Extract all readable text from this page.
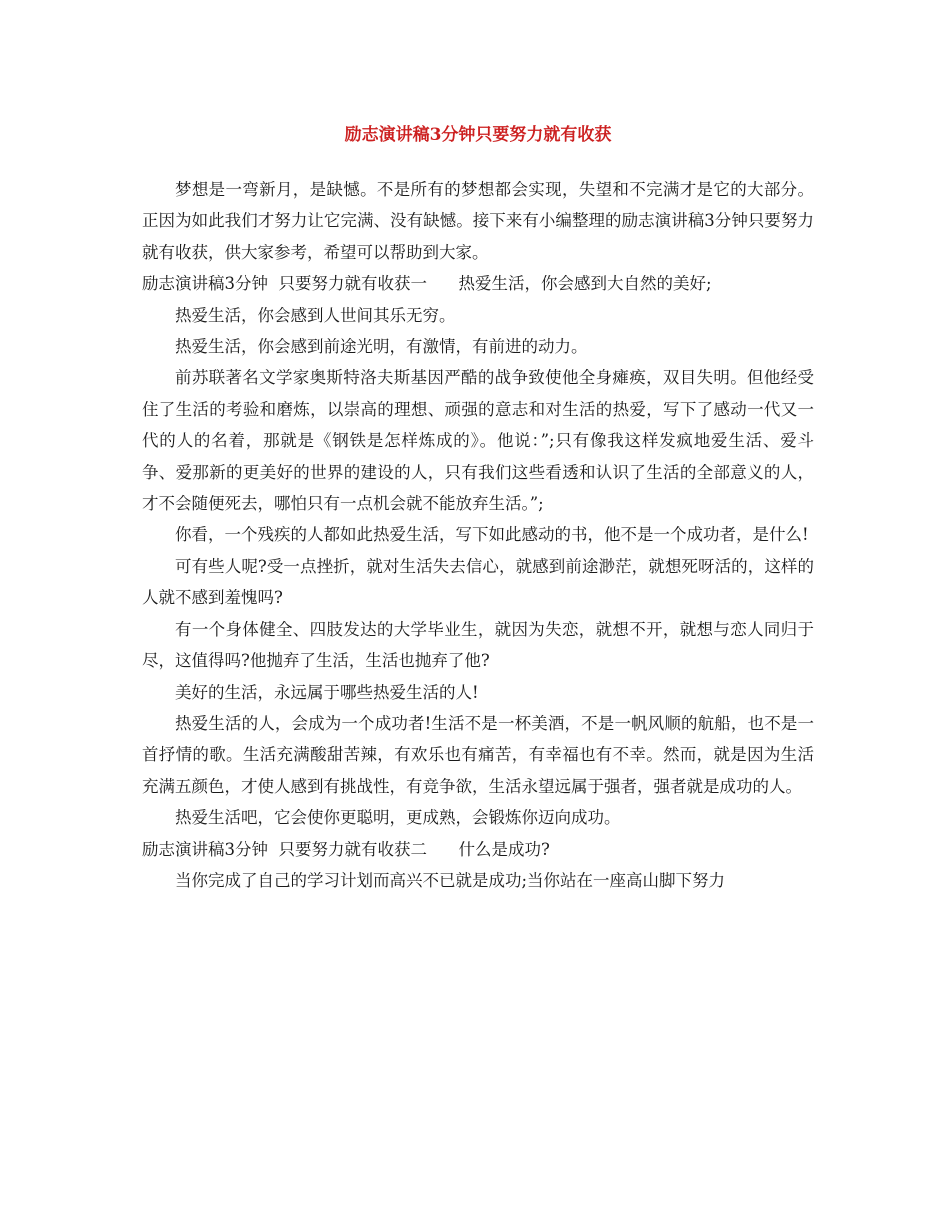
励志演讲稿3分钟只要努力就有收获

梦想是一弯新月，是缺憾。不是所有的梦想都会实现，失望和不完满才是它的大部分。正因为如此我们才努力让它完满、没有缺憾。接下来有小编整理的励志演讲稿3分钟只要努力就有收获，供大家参考，希望可以帮助到大家。

励志演讲稿3分钟  只要努力就有收获一      热爱生活，你会感到大自然的美好;

热爱生活，你会感到人世间其乐无穷。

热爱生活，你会感到前途光明，有激情，有前进的动力。

前苏联著名文学家奥斯特洛夫斯基因严酷的战争致使他全身瘫痪，双目失明。但他经受住了生活的考验和磨炼，以崇高的理想、顽强的意志和对生活的热爱，写下了感动一代又一代的人的名着，那就是《钢铁是怎样炼成的》。他说：”;只有像我这样发疯地爱生活、爱斗争、爱那新的更美好的世界的建设的人，只有我们这些看透和认识了生活的全部意义的人，才不会随便死去，哪怕只有一点机会就不能放弃生活。”;

你看，一个残疾的人都如此热爱生活，写下如此感动的书，他不是一个成功者，是什么!

可有些人呢?受一点挫折，就对生活失去信心，就感到前途渺茫，就想死呀活的，这样的人就不感到羞愧吗?

有一个身体健全、四肢发达的大学毕业生，就因为失恋，就想不开，就想与恋人同归于尽，这值得吗?他抛弃了生活，生活也抛弃了他?

美好的生活，永远属于哪些热爱生活的人!

热爱生活的人，会成为一个成功者!生活不是一杯美酒，不是一帆风顺的航船，也不是一首抒情的歌。生活充满酸甜苦辣，有欢乐也有痛苦，有幸福也有不幸。然而，就是因为生活充满五颜色，才使人感到有挑战性，有竞争欲，生活永望远属于强者，强者就是成功的人。

热爱生活吧，它会使你更聪明，更成熟，会锻炼你迈向成功。

励志演讲稿3分钟  只要努力就有收获二      什么是成功?

当你完成了自己的学习计划而高兴不已就是成功;当你站在一座高山脚下努力
